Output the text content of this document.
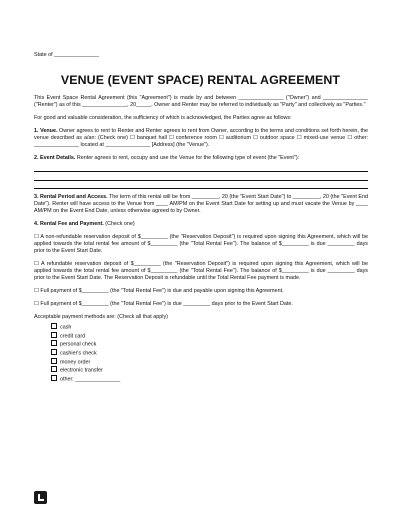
State of _______________
VENUE (EVENT SPACE) RENTAL AGREEMENT

This Event Space Rental Agreement (this "Agreement") is made by and between _______________ ("Owner") and _______________ ("Renter") as of this _______________, 20_____. Owner and Renter may be referred to individually as "Party" and collectively as "Parties."

For good and valuable consideration, the sufficiency of which is acknowledged, the Parties agree as follows:

1. Venue. Owner agrees to rent to Renter and Renter agrees to rent from Owner, according to the terms and conditions set forth herein, the venue described as a/an: (Check one) ☐ banquet hall ☐ conference room ☐ auditorium ☐ outdoor space ☐ mixed-use venue ☐ other: _______________ located at _______________ [Address] (the "Venue").

2. Event Details. Renter agrees to rent, occupy and use the Venue for the following type of event (the "Event"):

3. Rental Period and Access. The term of this rental will be from _________, 20 (the "Event Start Date") to _________, 20 (the "Event End Date"). Renter will have access to the Venue from ____ AM/PM on the Event Start Date for setting up and must vacate the Venue by ____ AM/PM on the Event End Date, unless otherwise agreed to by Owner.

4. Rental Fee and Payment. (Check one)

☐ A non-refundable reservation deposit of $_________ (the "Reservation Deposit") is required upon signing this Agreement, which will be applied towards the total rental fee amount of $_________ (the "Total Rental Fee"). The balance of $_________ is due _________ days prior to the Event Start Date.

☐ A refundable reservation deposit of $_________ (the "Reservation Deposit") is required upon signing this Agreement, which will be applied towards the total rental fee amount of $_________ (the "Total Rental Fee"). The balance of $_________ is due _________ days prior to the Event Start Date. The Reservation Deposit is refundable until the Total Rental Fee payment is made.

☐ Full payment of $_________ (the "Total Rental Fee") is due and payable upon signing this Agreement.

☐ Full payment of $_________ (the "Total Rental Fee") is due _________ days prior to the Event Start Date.

Acceptable payment methods are: (Check all that apply)

cash
credit card
personal check
cashier's check
money order
electronic transfer
other: _______________
